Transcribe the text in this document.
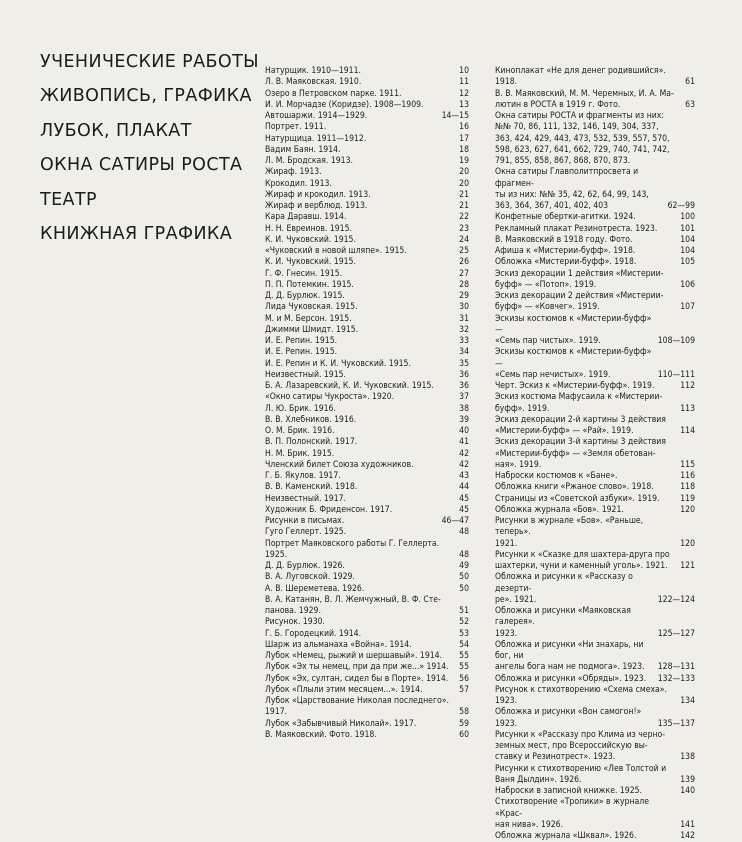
УЧЕНИЧЕСКИЕ РАБОТЫ
ЖИВОПИСЬ, ГРАФИКА
ЛУБОК, ПЛАКАТ
ОКНА САТИРЫ РОСТА
ТЕАТР
КНИЖНАЯ ГРАФИКА
Натурщик. 1910—1911.	10
Л. В. Маяковская. 1910.	11
Озеро в Петровском парке. 1911.	12
И. И. Морчадзе (Коридзе). 1908—1909.	13
Автошаржи. 1914—1929.	14—15
Портрет. 1911.	16
Натурщица. 1911—1912.	17
Вадим Баян. 1914.	18
Л. М. Бродская. 1913.	19
Жираф. 1913.	20
Крокодил. 1913.	20
Жираф и крокодил. 1913.	21
Жираф и верблюд. 1913.	21
Кара Даравш. 1914.	22
Н. Н. Евреинов. 1915.	23
К. И. Чуковский. 1915.	24
«Чуковский в новой шляпе». 1915.	25
К. И. Чуковский. 1915.	26
Г. Ф. Гнесин. 1915.	27
П. П. Потемкин. 1915.	28
Д. Д. Бурлюк. 1915.	29
Лида Чуковская. 1915.	30
М. и М. Берсон. 1915.	31
Джимми Шмидт. 1915.	32
И. Е. Репин. 1915.	33
И. Е. Репин. 1915.	34
И. Е. Репин и К. И. Чуковский. 1915.	35
Неизвестный. 1915.	36
Б. А. Лазаревский, К. И. Чуковский. 1915.	36
«Окно сатиры Чукроста». 1920.	37
Л. Ю. Брик. 1916.	38
В. В. Хлебников. 1916.	39
О. М. Брик. 1916.	40
В. П. Полонский. 1917.	41
Н. М. Брик. 1915.	42
Членский билет Союза художников.	42
Г. Б. Якулов. 1917.	43
В. В. Каменский. 1918.	44
Неизвестный. 1917.	45
Художник Б. Фриденсон. 1917.	45
Рисунки в письмах.	46—47
Гуго Геллерт. 1925.	48
Портрет Маяковского работы Г. Геллерта.
1925.	48
Д. Д. Бурлюк. 1926.	49
В. А. Луговской. 1929.	50
А. В. Шереметева. 1926.	50
В. А. Катанян, В. Л. Жемчужный, В. Ф. Сте-
панова. 1929.	51
Рисунок. 1930.	52
Г. Б. Городецкий. 1914.	53
Шарж из альманаха «Война». 1914.	54
Лубок «Немец, рыжий и шершавый». 1914.	55
Лубок «Эх ты немец, при да при же...» 1914.	55
Лубок «Эх, султан, сидел бы в Порте». 1914.	56
Лубок «Плыли этим месяцем...». 1914.	57
Лубок «Царствование Николая последнего».
1917.	58
Лубок «Забывчивый Николай». 1917.	59
В. Маяковский. Фото. 1918.	60
Киноплакат «Не для денег родившийся». 1918.	61
В. В. Маяковский, М. М. Черемных, И. А. Ма-
лютин в РОСТА в 1919 г. Фото.	63
Окна сатиры РОСТА и фрагменты из них:
№№ 70, 86, 111, 132, 146, 149, 304, 337,
363, 424, 429, 443, 473, 532, 539, 557, 570,
598, 623, 627, 641, 662, 729, 740, 741, 742,
791, 855, 858, 867, 868, 870, 873.
Окна сатиры Главполитпросвета и фрагмен-
ты из них: №№ 35, 42, 62, 64, 99, 143,
363, 364, 367, 401, 402, 403	62—99
Конфетные обертки-агитки. 1924.	100
Рекламный плакат Резинотреста. 1923.	101
В. Маяковский в 1918 году. Фото.	104
Афиша к «Мистерии-буфф». 1918.	104
Обложка «Мистерии-буфф». 1918.	105
Эскиз декорации 1 действия «Мистерии-
буфф» — «Потоп». 1919.	106
Эскиз декорации 2 действия «Мистерии-
буфф» — «Ковчег». 1919.	107
Эскизы костюмов к «Мистерии-буфф» —
«Семь пар чистых». 1919.	108—109
Эскизы костюмов к «Мистерии-буфф» —
«Семь пар нечистых». 1919.	110—111
Черт. Эскиз к «Мистерии-буфф». 1919.	112
Эскиз костюма Мафусаила к «Мистерии-
буфф». 1919.	113
Эскиз декорации 2-й картины 3 действия
«Мистерии-буфф» — «Рай». 1919.	114
Эскиз декорации 3-й картины 3 действия
«Мистерии-буфф» — «Земля обетован-
ная». 1919.	115
Наброски костюмов к «Бане».	116
Обложка книги «Ржаное слово». 1918.	118
Страницы из «Советской азбуки». 1919.	119
Обложка журнала «Бов». 1921.	120
Рисунки в журнале «Бов». «Раньше, теперь».
1921.	120
Рисунки к «Сказке для шахтера-друга про
шахтерки, чуни и каменный уголь». 1921.	121
Обложка и рисунки к «Рассказу о дезерти-
ре». 1921.	122—124
Обложка и рисунки «Маяковская галерея».
1923.	125—127
Обложка и рисунки «Ни знахарь, ни бог, ни
ангелы бога нам не подмога». 1923.	128—131
Обложка и рисунки «Обряды». 1923.	132—133
Рисунок к стихотворению «Схема смеха».
1923.	134
Обложка и рисунки «Вон самогон!»
1923.	135—137
Рисунки к «Рассказу про Клима из черно-
земных мест, про Всероссийскую вы-
ставку и Резинотрест». 1923.	138
Рисунки к стихотворению «Лев Толстой и
Ваня Дылдин». 1926.	139
Наброски в записной книжке. 1925.	140
Стихотворение «Тропики» в журнале «Крас-
ная нива». 1926.	141
Обложка журнала «Шквал». 1926.	142
